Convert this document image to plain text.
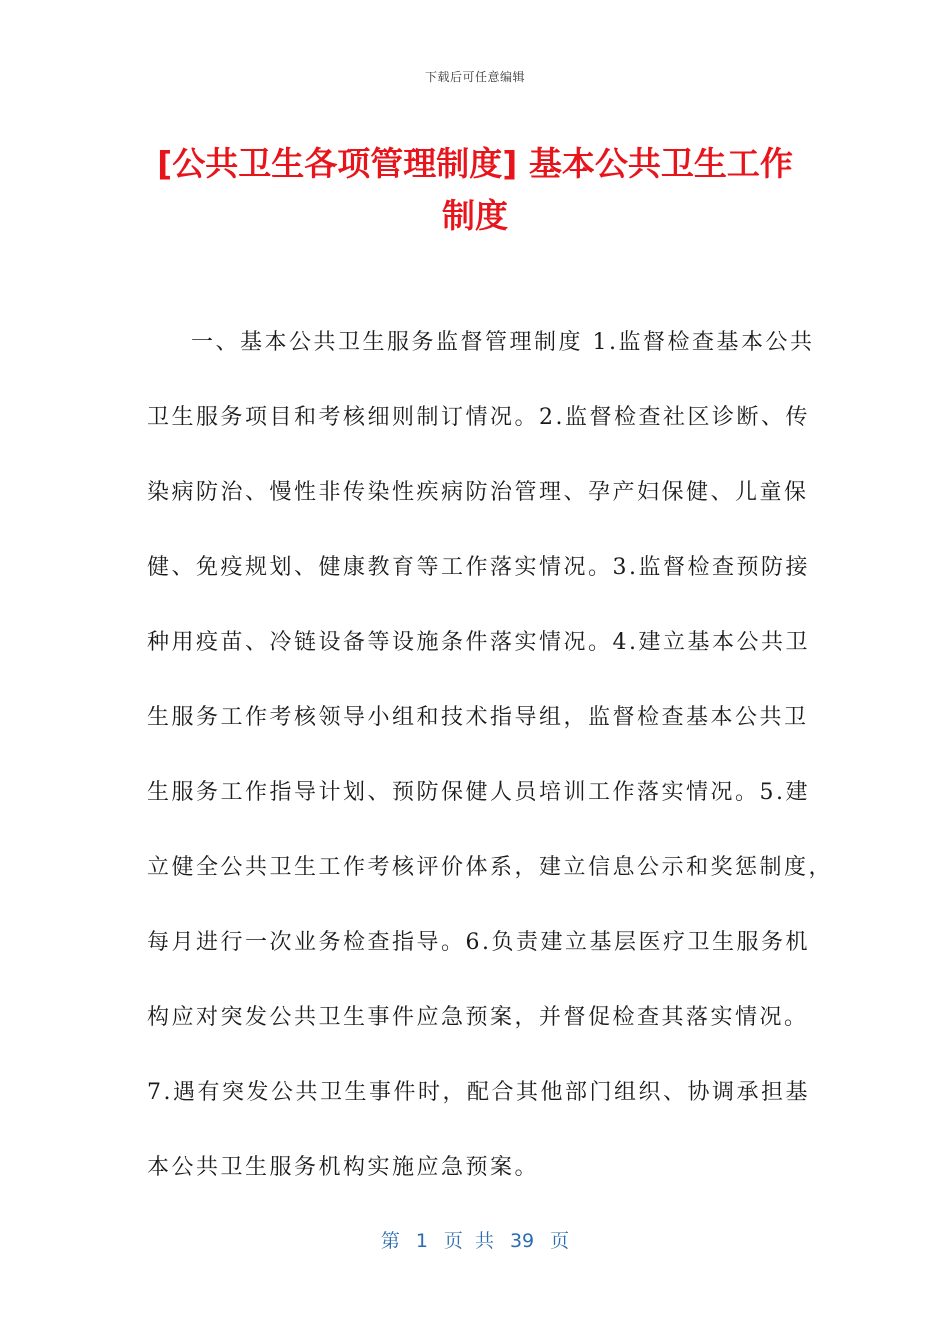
下载后可任意编辑
[公共卫生各项管理制度] 基本公共卫生工作
制度
一、基本公共卫生服务监督管理制度 1.监督检查基本公共
卫生服务项目和考核细则制订情况。2.监督检查社区诊断、传
染病防治、慢性非传染性疾病防治管理、孕产妇保健、儿童保
健、免疫规划、健康教育等工作落实情况。3.监督检查预防接
种用疫苗、冷链设备等设施条件落实情况。4.建立基本公共卫
生服务工作考核领导小组和技术指导组，监督检查基本公共卫
生服务工作指导计划、预防保健人员培训工作落实情况。5.建
立健全公共卫生工作考核评价体系，建立信息公示和奖惩制度，
每月进行一次业务检查指导。6.负责建立基层医疗卫生服务机
构应对突发公共卫生事件应急预案，并督促检查其落实情况。
7.遇有突发公共卫生事件时，配合其他部门组织、协调承担基
本公共卫生服务机构实施应急预案。
第 1 页 共 39 页
